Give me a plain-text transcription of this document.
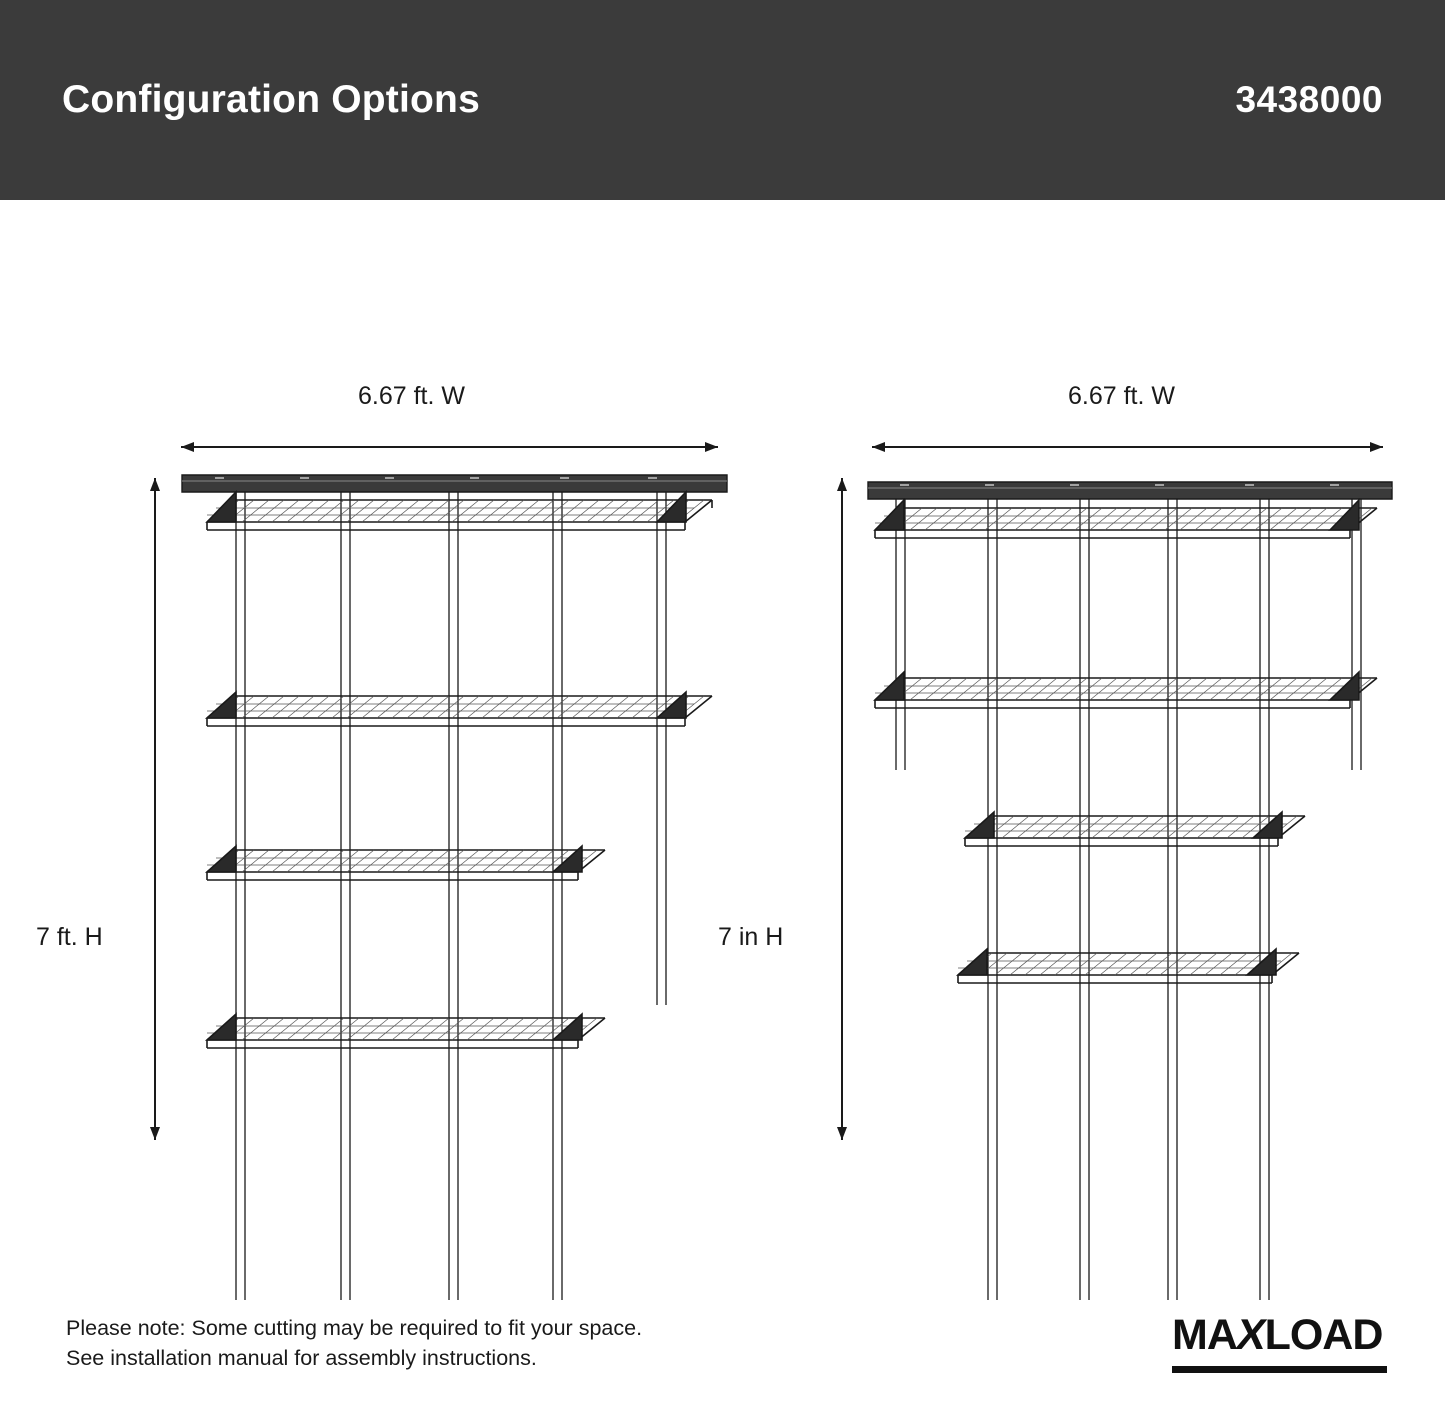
Configuration Options	3438000
6.67 ft. W
7 ft. H
6.67 ft. W
7 in H
Please note: Some cutting may be required to fit your space.
See installation manual for assembly instructions.	MAXLOAD
